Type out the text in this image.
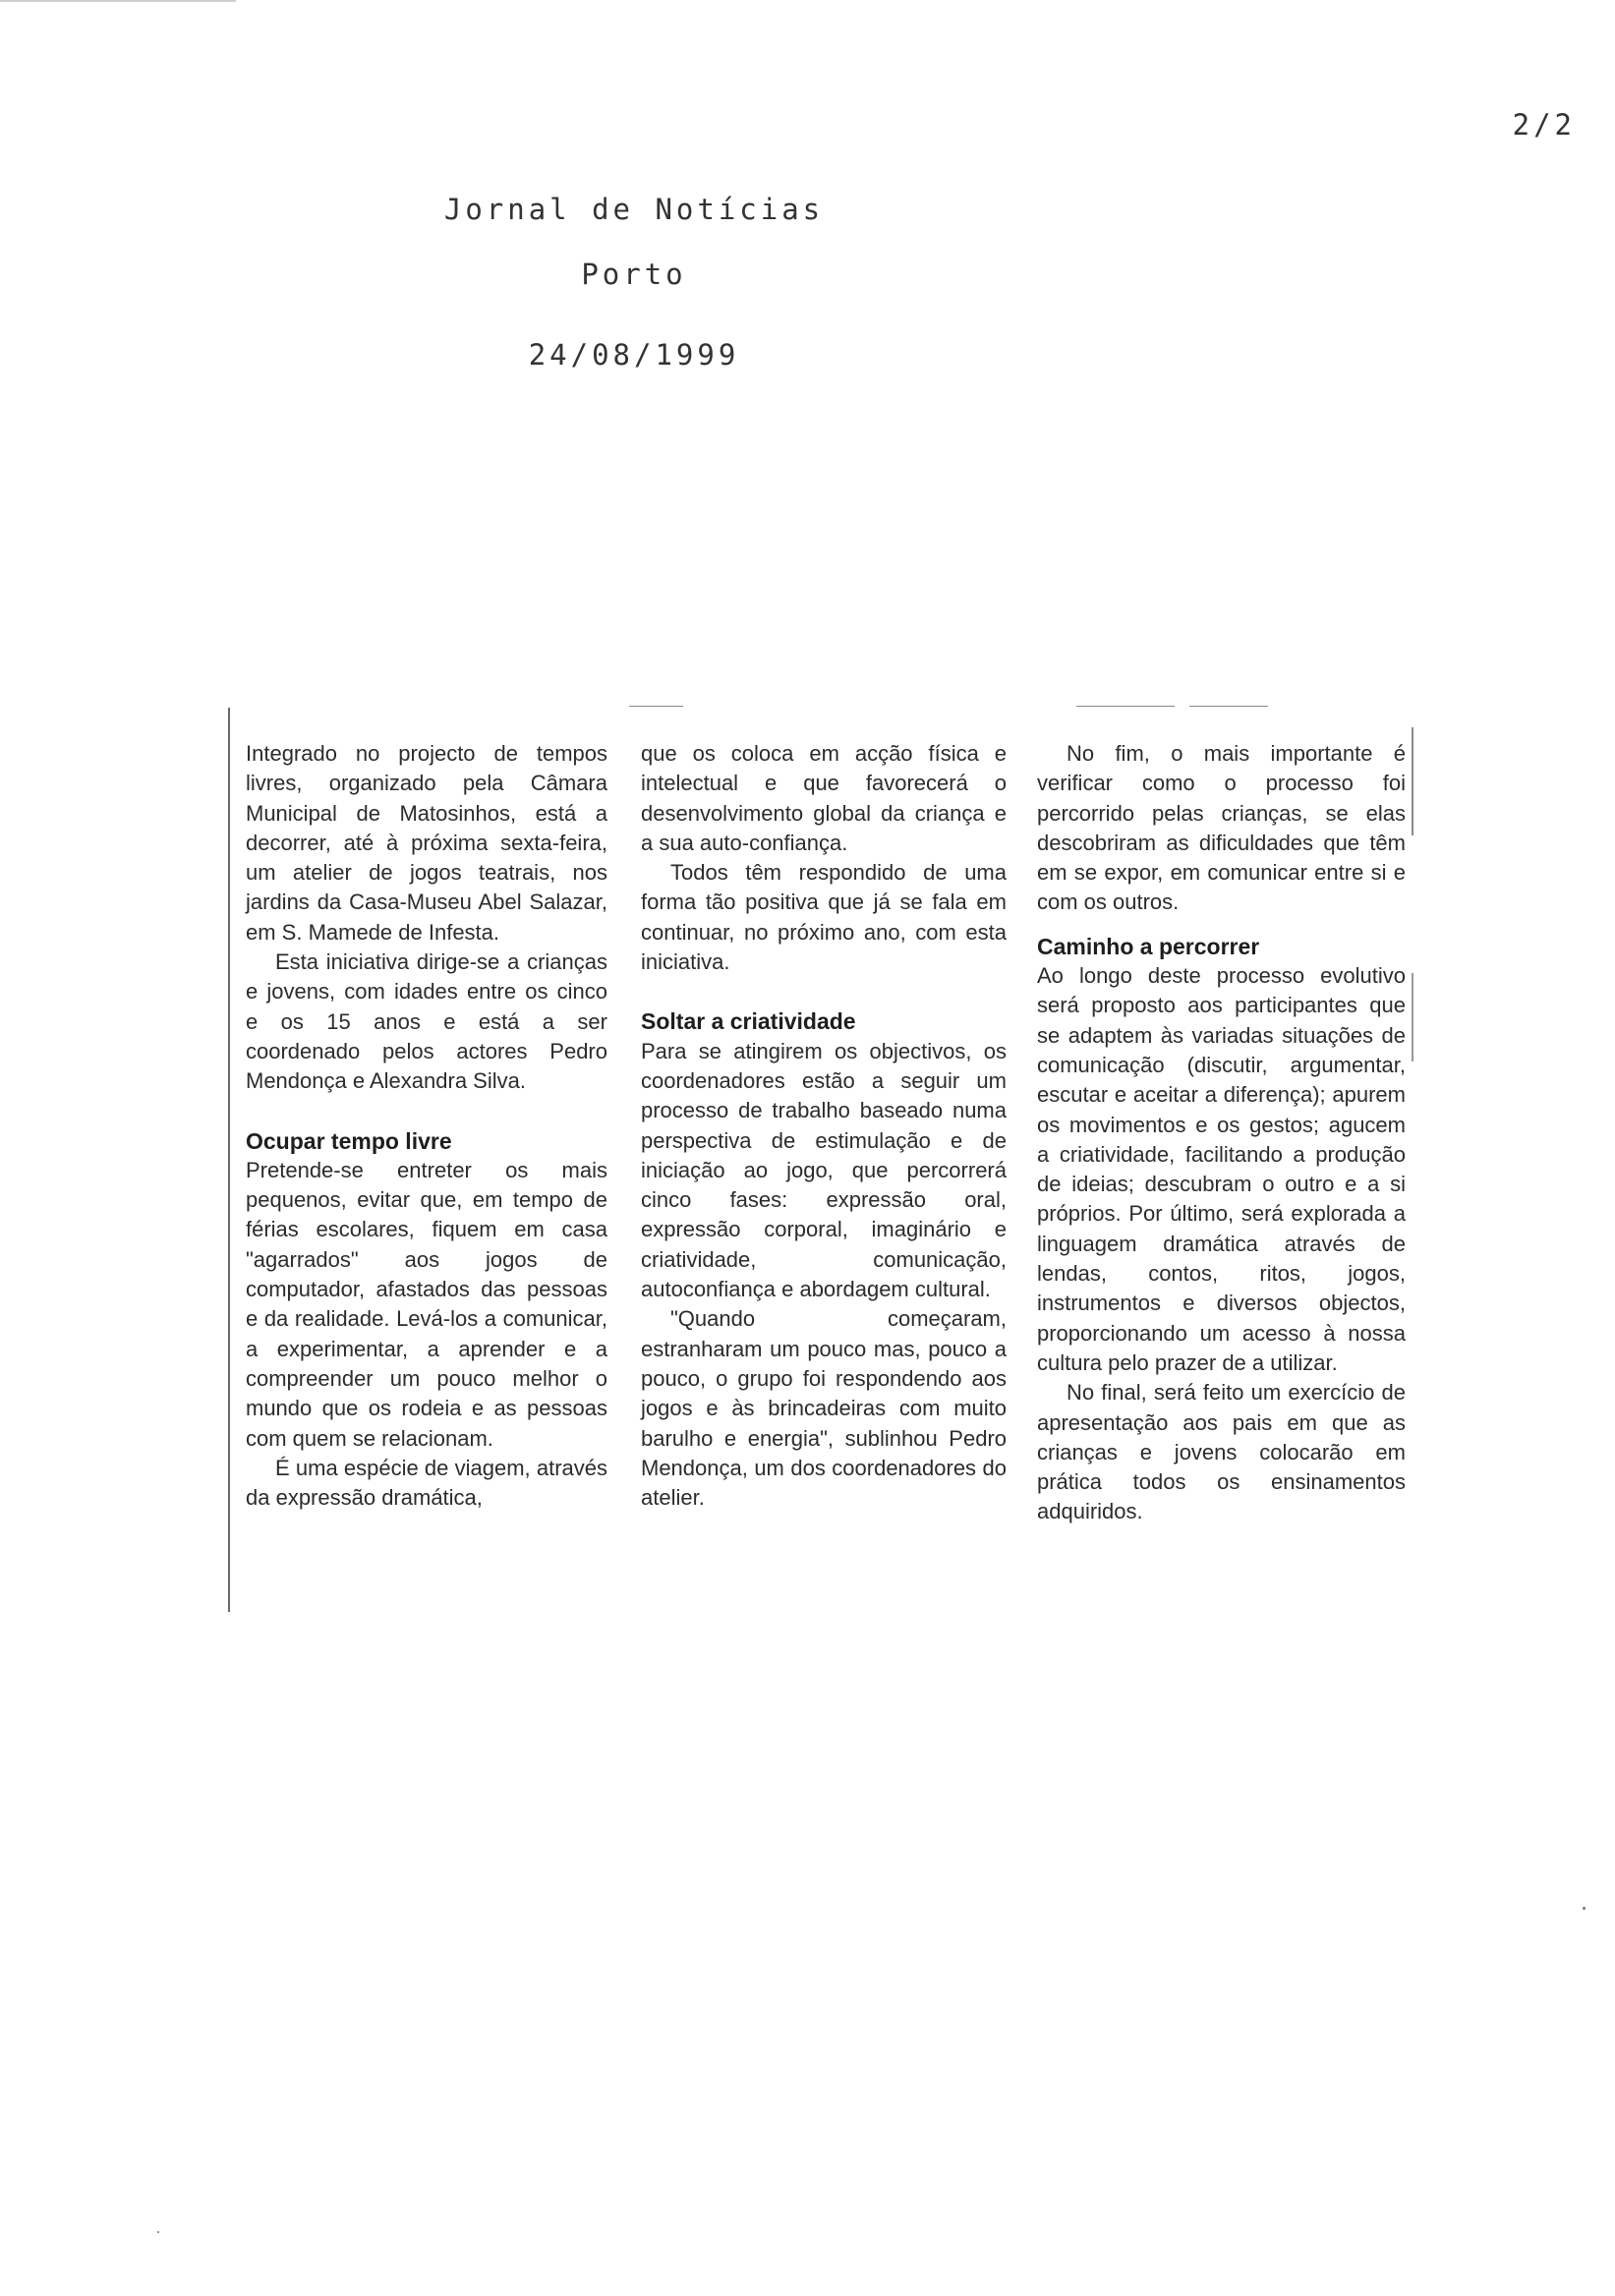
2/2
Jornal de Notícias
Porto
24/08/1999

Integrado no projecto de tempos livres, organizado pela Câmara Municipal de Matosinhos, está a decorrer, até à próxima sexta-feira, um atelier de jogos teatrais, nos jardins da Casa-Museu Abel Salazar, em S. Mamede de Infesta.

Esta iniciativa dirige-se a crianças e jovens, com idades entre os cinco e os 15 anos e está a ser coordenado pelos actores Pedro Mendonça e Alexandra Silva.

Ocupar tempo livre

Pretende-se entreter os mais pequenos, evitar que, em tempo de férias escolares, fiquem em casa "agarrados" aos jogos de computador, afastados das pessoas e da realidade. Levá-los a comunicar, a experimentar, a aprender e a compreender um pouco melhor o mundo que os rodeia e as pessoas com quem se relacionam.

É uma espécie de viagem, através da expressão dramática,

que os coloca em acção física e intelectual e que favorecerá o desenvolvimento global da criança e a sua auto-confiança.

Todos têm respondido de uma forma tão positiva que já se fala em continuar, no próximo ano, com esta iniciativa.

Soltar a criatividade

Para se atingirem os objectivos, os coordenadores estão a seguir um processo de trabalho baseado numa perspectiva de estimulação e de iniciação ao jogo, que percorrerá cinco fases: expressão oral, expressão corporal, imaginário e criatividade, comunicação, autoconfiança e abordagem cultural.

"Quando começaram, estranharam um pouco mas, pouco a pouco, o grupo foi respondendo aos jogos e às brincadeiras com muito barulho e energia", sublinhou Pedro Mendonça, um dos coordenadores do atelier.

No fim, o mais importante é verificar como o processo foi percorrido pelas crianças, se elas descobriram as dificuldades que têm em se expor, em comunicar entre si e com os outros.

Caminho a percorrer

Ao longo deste processo evolutivo será proposto aos participantes que se adaptem às variadas situações de comunicação (discutir, argumentar, escutar e aceitar a diferença); apurem os movimentos e os gestos; agucem a criatividade, facilitando a produção de ideias; descubram o outro e a si próprios. Por último, será explorada a linguagem dramática através de lendas, contos, ritos, jogos, instrumentos e diversos objectos, proporcionando um acesso à nossa cultura pelo prazer de a utilizar.

No final, será feito um exercício de apresentação aos pais em que as crianças e jovens colocarão em prática todos os ensinamentos adquiridos.
